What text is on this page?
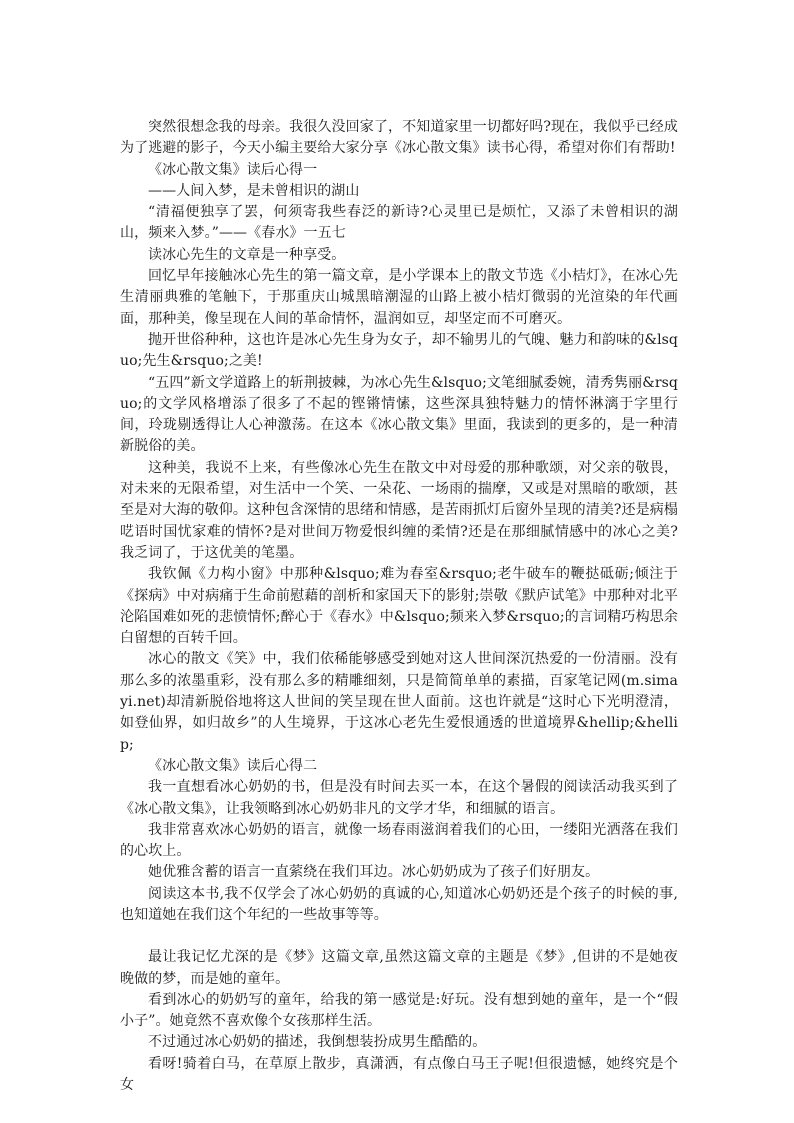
突然很想念我的母亲。我很久没回家了，不知道家里一切都好吗?现在，我似乎已经成为了逃避的影子，今天小编主要给大家分享《冰心散文集》读书心得，希望对你们有帮助!

《冰心散文集》读后心得一

——人间入梦，是未曾相识的湖山

“清福便独享了罢，何须寄我些春泛的新诗?心灵里已是烦忙，又添了未曾相识的湖山，频来入梦。”——《春水》一五七

读冰心先生的文章是一种享受。

回忆早年接触冰心先生的第一篇文章，是小学课本上的散文节选《小桔灯》，在冰心先生清丽典雅的笔触下，于那重庆山城黑暗潮湿的山路上被小桔灯微弱的光渲染的年代画面，那种美，像呈现在人间的革命情怀，温润如豆，却坚定而不可磨灭。

抛开世俗种种，这也许是冰心先生身为女子，却不输男儿的气魄、魅力和韵味的&lsquo;先生&rsquo;之美!

“五四”新文学道路上的斩荆披棘，为冰心先生&lsquo;文笔细腻委婉，清秀隽丽&rsquo;的文学风格增添了很多了不起的铿锵情愫，这些深具独特魅力的情怀淋漓于字里行间，玲珑剔透得让人心神激荡。在这本《冰心散文集》里面，我读到的更多的，是一种清新脱俗的美。

这种美，我说不上来，有些像冰心先生在散文中对母爱的那种歌颂，对父亲的敬畏，对未来的无限希望，对生活中一个笑、一朵花、一场雨的揣摩，又或是对黑暗的歌颂，甚至是对大海的敬仰。这种包含深情的思绪和情感，是苦雨抓灯后窗外呈现的清美?还是病榻呓语时国忧家难的情怀?是对世间万物爱恨纠缠的柔情?还是在那细腻情感中的冰心之美?我乏词了，于这优美的笔墨。

我钦佩《力构小窗》中那种&lsquo;难为春室&rsquo;老牛破车的鞭挞砥砺;倾注于《探病》中对病痛于生命前慰藉的剖析和家国天下的影射;崇敬《默庐试笔》中那种对北平沦陷国难如死的悲愤情怀;醉心于《春水》中&lsquo;频来入梦&rsquo;的言词精巧构思余白留想的百转千回。

冰心的散文《笑》中，我们依稀能够感受到她对这人世间深沉热爱的一份清丽。没有那么多的浓墨重彩，没有那么多的精雕细刻，只是简简单单的素描，百家笔记网(m.simayi.net)却清新脱俗地将这人世间的笑呈现在世人面前。这也许就是“这时心下光明澄清，如登仙界，如归故乡”的人生境界，于这冰心老先生爱恨通透的世道境界&hellip;&hellip;

《冰心散文集》读后心得二

我一直想看冰心奶奶的书，但是没有时间去买一本，在这个暑假的阅读活动我买到了《冰心散文集》，让我领略到冰心奶奶非凡的文学才华，和细腻的语言。

我非常喜欢冰心奶奶的语言，就像一场春雨滋润着我们的心田，一缕阳光洒落在我们的心坎上。

她优雅含蓄的语言一直萦绕在我们耳边。冰心奶奶成为了孩子们好朋友。

阅读这本书,我不仅学会了冰心奶奶的真诚的心,知道冰心奶奶还是个孩子的时候的事,也知道她在我们这个年纪的一些故事等等。

最让我记忆尤深的是《梦》这篇文章,虽然这篇文章的主题是《梦》,但讲的不是她夜晚做的梦，而是她的童年。

看到冰心的奶奶写的童年，给我的第一感觉是:好玩。没有想到她的童年，是一个“假小子”。她竟然不喜欢像个女孩那样生活。

不过通过冰心奶奶的描述，我倒想装扮成男生酷酷的。

看呀!骑着白马，在草原上散步，真潇洒，有点像白马王子呢!但很遗憾，她终究是个女
